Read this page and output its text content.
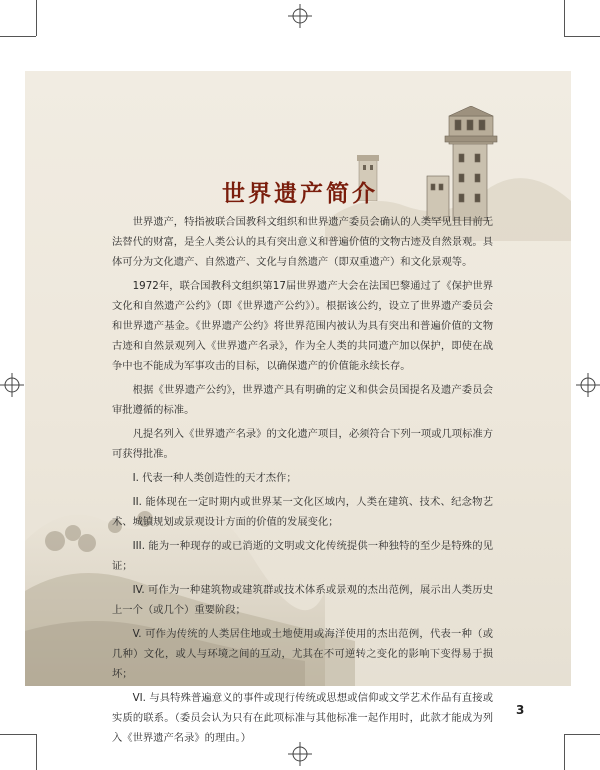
世界遗产简介

世界遗产，特指被联合国教科文组织和世界遗产委员会确认的人类罕见且目前无法替代的财富，是全人类公认的具有突出意义和普遍价值的文物古迹及自然景观。具体可分为文化遗产、自然遗产、文化与自然遗产（即双重遗产）和文化景观等。

1972年，联合国教科文组织第17届世界遗产大会在法国巴黎通过了《保护世界文化和自然遗产公约》（即《世界遗产公约》）。根据该公约，设立了世界遗产委员会和世界遗产基金。《世界遗产公约》将世界范围内被认为具有突出和普遍价值的文物古迹和自然景观列入《世界遗产名录》，作为全人类的共同遗产加以保护，即使在战争中也不能成为军事攻击的目标，以确保遗产的价值能永续长存。

根据《世界遗产公约》，世界遗产具有明确的定义和供会员国提名及遗产委员会审批遵循的标准。

凡提名列入《世界遗产名录》的文化遗产项目，必须符合下列一项或几项标准方可获得批准。

I. 代表一种人类创造性的天才杰作；

II. 能体现在一定时期内或世界某一文化区域内，人类在建筑、技术、纪念物艺术、城镇规划或景观设计方面的价值的发展变化；

III. 能为一种现存的或已消逝的文明或文化传统提供一种独特的至少是特殊的见证；

IV. 可作为一种建筑物或建筑群或技术体系或景观的杰出范例，展示出人类历史上一个（或几个）重要阶段；

V. 可作为传统的人类居住地或土地使用或海洋使用的杰出范例，代表一种（或几种）文化，或人与环境之间的互动，尤其在不可逆转之变化的影响下变得易于损坏；

VI. 与具特殊普遍意义的事件或现行传统或思想或信仰或文学艺术作品有直接或实质的联系。（委员会认为只有在此项标准与其他标准一起作用时，此款才能成为列入《世界遗产名录》的理由。）

3
